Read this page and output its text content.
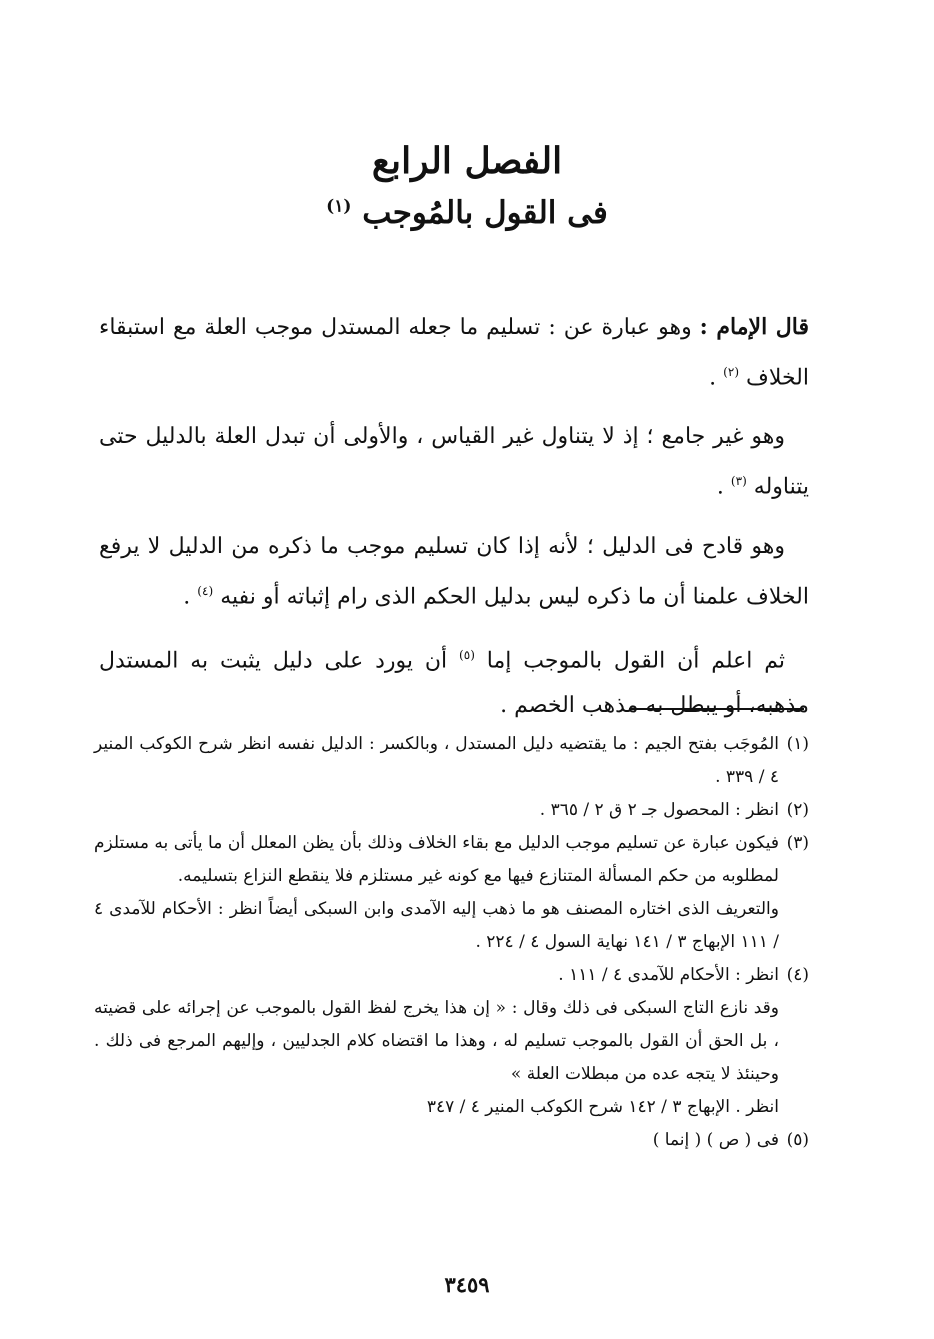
الفصل الرابع
فى القول بالمُوجب $^{(١)}$

قال الإمام : وهو عبارة عن : تسليم ما جعله المستدل موجب العلة مع استبقاء الخلاف $^{(٢)}$ .

وهو غير جامع ؛ إذ لا يتناول غير القياس ، والأولى أن تبدل العلة بالدليل حتى يتناوله $^{(٣)}$ .

وهو قادح فى الدليل ؛ لأنه إذا كان تسليم موجب ما ذكره من الدليل لا يرفع الخلاف علمنا أن ما ذكره ليس بدليل الحكم الذى رام إثباته أو نفيه $^{(٤)}$ .

ثم اعلم أن القول بالموجب إما $^{(٥)}$ أن يورد على دليل يثبت به المستدل مذهبه، أو يبطل به مذهب الخصم .

(١)
المُوجَب بفتح الجيم : ما يقتضيه دليل المستدل ، وبالكسر : الدليل نفسه انظر شرح الكوكب المنير ٤ / ٣٣٩ .

(٢)
انظر : المحصول جـ ٢ ق ٢ / ٣٦٥ .

(٣)
فيكون عبارة عن تسليم موجب الدليل مع بقاء الخلاف وذلك بأن يظن المعلل أن ما يأتى به مستلزم لمطلوبه من حكم المسألة المتنازع فيها مع كونه غير مستلزم فلا ينقطع النزاع بتسليمه.

والتعريف الذى اختاره المصنف هو ما ذهب إليه الآمدى وابن السبكى أيضاً انظر : الأحكام للآمدى ٤ / ١١١ الإبهاج ٣ / ١٤١ نهاية السول ٤ / ٢٢٤ .

(٤)
انظر : الأحكام للآمدى ٤ / ١١١ .

وقد نازع التاج السبكى فى ذلك وقال : « إن هذا يخرج لفظ القول بالموجب عن إجرائه على قضيته ، بل الحق أن القول بالموجب تسليم له ، وهذا ما اقتضاه كلام الجدليين ، وإليهم المرجع فى ذلك . وحينئذ لا يتجه عده من مبطلات العلة »

انظر . الإبهاج ٣ / ١٤٢ شرح الكوكب المنير ٤ / ٣٤٧

(٥)
فى ( ص ) ( إنما )

٣٤٥٩
